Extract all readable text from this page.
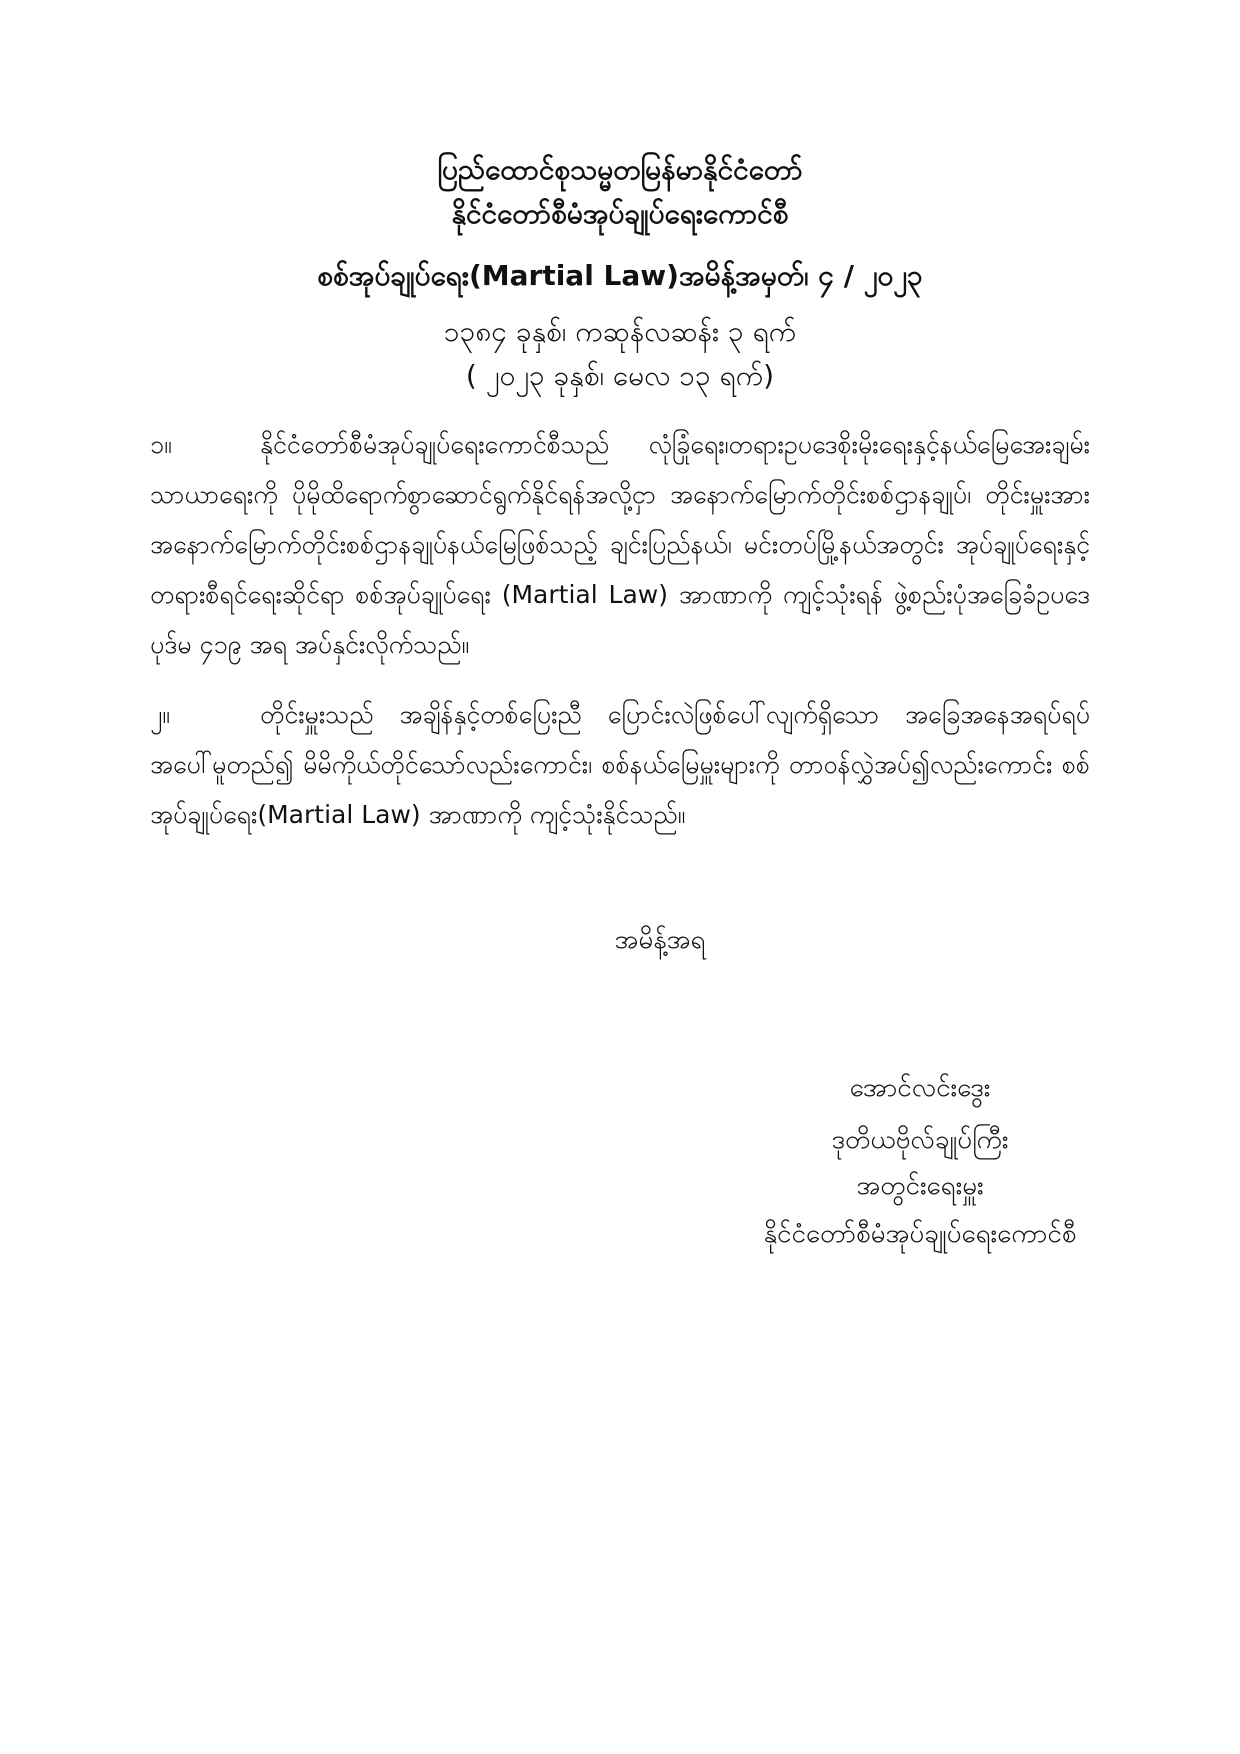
ပြည်ထောင်စုသမ္မတမြန်မာနိုင်ငံတော်
နိုင်ငံတော်စီမံအုပ်ချုပ်ရေးကောင်စီ
စစ်အုပ်ချုပ်ရေး(Martial Law)အမိန့်အမှတ်၊ ၄ / ၂၀၂၃
၁၃၈၄ ခုနှစ်၊ ကဆုန်လဆန်း ၃ ရက်
( ၂၀၂၃ ခုနှစ်၊ မေလ ၁၃ ရက်)
၁။	နိုင်ငံတော်စီမံအုပ်ချုပ်ရေးကောင်စီသည် လုံခြုံရေး၊တရားဥပဒေစိုးမိုးရေးနှင့်နယ်မြေအေးချမ်းသာယာရေးကို ပိုမိုထိရောက်စွာဆောင်ရွက်နိုင်ရန်အလို့ငှာ အနောက်မြောက်တိုင်းစစ်ဌာနချုပ်၊ တိုင်းမှူးအား အနောက်မြောက်တိုင်းစစ်ဌာနချုပ်နယ်မြေဖြစ်သည့် ချင်းပြည်နယ်၊ မင်းတပ်မြို့နယ်အတွင်း အုပ်ချုပ်ရေးနှင့် တရားစီရင်ရေးဆိုင်ရာ စစ်အုပ်ချုပ်ရေး (Martial Law) အာဏာကို ကျင့်သုံးရန် ဖွဲ့စည်းပုံအခြေခံဥပဒေပုဒ်မ ၄၁၉ အရ အပ်နှင်းလိုက်သည်။
၂။	တိုင်းမှူးသည် အချိန်နှင့်တစ်ပြေးညီ ပြောင်းလဲဖြစ်ပေါ်လျက်ရှိသော အခြေအနေအရပ်ရပ်အပေါ်မူတည်၍ မိမိကိုယ်တိုင်သော်လည်းကောင်း၊ စစ်နယ်မြေမှူးများကို တာဝန်လွှဲအပ်၍လည်းကောင်း စစ်အုပ်ချုပ်ရေး(Martial Law) အာဏာကို ကျင့်သုံးနိုင်သည်။
အမိန့်အရ
အောင်လင်းဒွေး
ဒုတိယဗိုလ်ချုပ်ကြီး
အတွင်းရေးမှူး
နိုင်ငံတော်စီမံအုပ်ချုပ်ရေးကောင်စီ
